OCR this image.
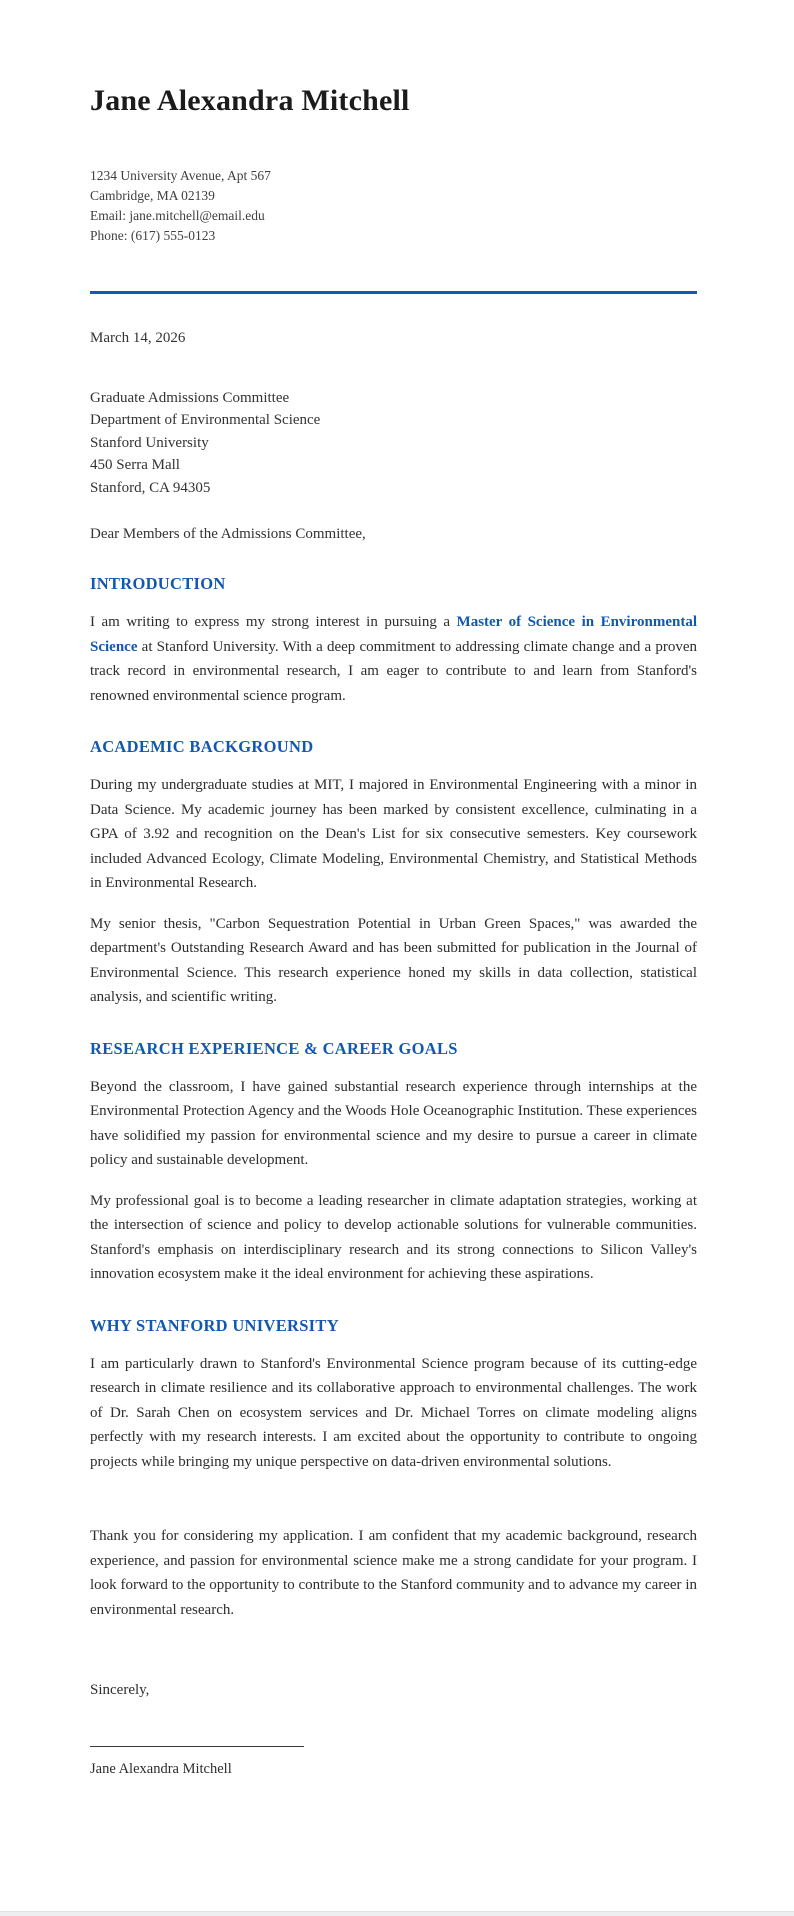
Jane Alexandra Mitchell
1234 University Avenue, Apt 567
Cambridge, MA 02139
Email: jane.mitchell@email.edu
Phone: (617) 555-0123
March 14, 2026
Graduate Admissions Committee
Department of Environmental Science
Stanford University
450 Serra Mall
Stanford, CA 94305

Dear Members of the Admissions Committee,

INTRODUCTION

I am writing to express my strong interest in pursuing a Master of Science in Environmental Science at Stanford University. With a deep commitment to addressing climate change and a proven track record in environmental research, I am eager to contribute to and learn from Stanford's renowned environmental science program.

ACADEMIC BACKGROUND

During my undergraduate studies at MIT, I majored in Environmental Engineering with a minor in Data Science. My academic journey has been marked by consistent excellence, culminating in a GPA of 3.92 and recognition on the Dean's List for six consecutive semesters. Key coursework included Advanced Ecology, Climate Modeling, Environmental Chemistry, and Statistical Methods in Environmental Research.

My senior thesis, "Carbon Sequestration Potential in Urban Green Spaces," was awarded the department's Outstanding Research Award and has been submitted for publication in the Journal of Environmental Science. This research experience honed my skills in data collection, statistical analysis, and scientific writing.

RESEARCH EXPERIENCE & CAREER GOALS

Beyond the classroom, I have gained substantial research experience through internships at the Environmental Protection Agency and the Woods Hole Oceanographic Institution. These experiences have solidified my passion for environmental science and my desire to pursue a career in climate policy and sustainable development.

My professional goal is to become a leading researcher in climate adaptation strategies, working at the intersection of science and policy to develop actionable solutions for vulnerable communities. Stanford's emphasis on interdisciplinary research and its strong connections to Silicon Valley's innovation ecosystem make it the ideal environment for achieving these aspirations.

WHY STANFORD UNIVERSITY

I am particularly drawn to Stanford's Environmental Science program because of its cutting-edge research in climate resilience and its collaborative approach to environmental challenges. The work of Dr. Sarah Chen on ecosystem services and Dr. Michael Torres on climate modeling aligns perfectly with my research interests. I am excited about the opportunity to contribute to ongoing projects while bringing my unique perspective on data-driven environmental solutions.

Thank you for considering my application. I am confident that my academic background, research experience, and passion for environmental science make me a strong candidate for your program. I look forward to the opportunity to contribute to the Stanford community and to advance my career in environmental research.

Sincerely,

Jane Alexandra Mitchell
